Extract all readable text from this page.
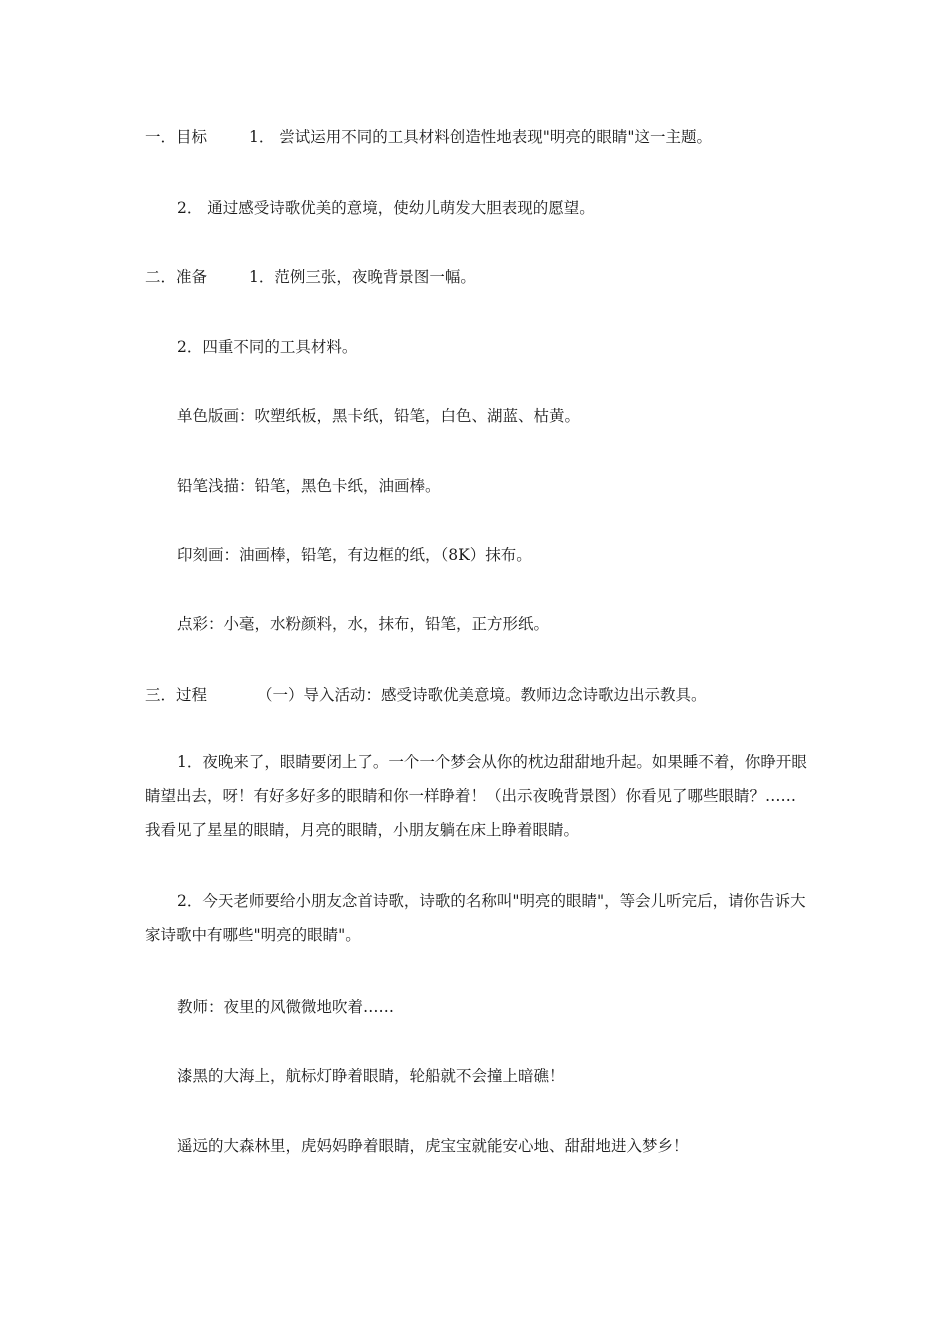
一．目标	1． 尝试运用不同的工具材料创造性地表现"明亮的眼睛"这一主题。
2． 通过感受诗歌优美的意境，使幼儿萌发大胆表现的愿望。
二．准备	1．范例三张，夜晚背景图一幅。
2．四重不同的工具材料。
单色版画：吹塑纸板，黑卡纸，铅笔，白色、湖蓝、枯黄。
铅笔浅描：铅笔，黑色卡纸，油画棒。
印刻画：油画棒，铅笔，有边框的纸，（8K）抹布。
点彩：小毫，水粉颜料，水，抹布，铅笔，正方形纸。
三．过程	（一）导入活动：感受诗歌优美意境。教师边念诗歌边出示教具。
1．夜晚来了，眼睛要闭上了。一个一个梦会从你的枕边甜甜地升起。如果睡不着，你睁开眼睛望出去，呀！有好多好多的眼睛和你一样睁着！（出示夜晚背景图）你看见了哪些眼睛？……我看见了星星的眼睛，月亮的眼睛，小朋友躺在床上睁着眼睛。
2．今天老师要给小朋友念首诗歌，诗歌的名称叫"明亮的眼睛"，等会儿听完后，请你告诉大家诗歌中有哪些"明亮的眼睛"。
教师：夜里的风微微地吹着……
漆黑的大海上，航标灯睁着眼睛，轮船就不会撞上暗礁！
遥远的大森林里，虎妈妈睁着眼睛，虎宝宝就能安心地、甜甜地进入梦乡！
